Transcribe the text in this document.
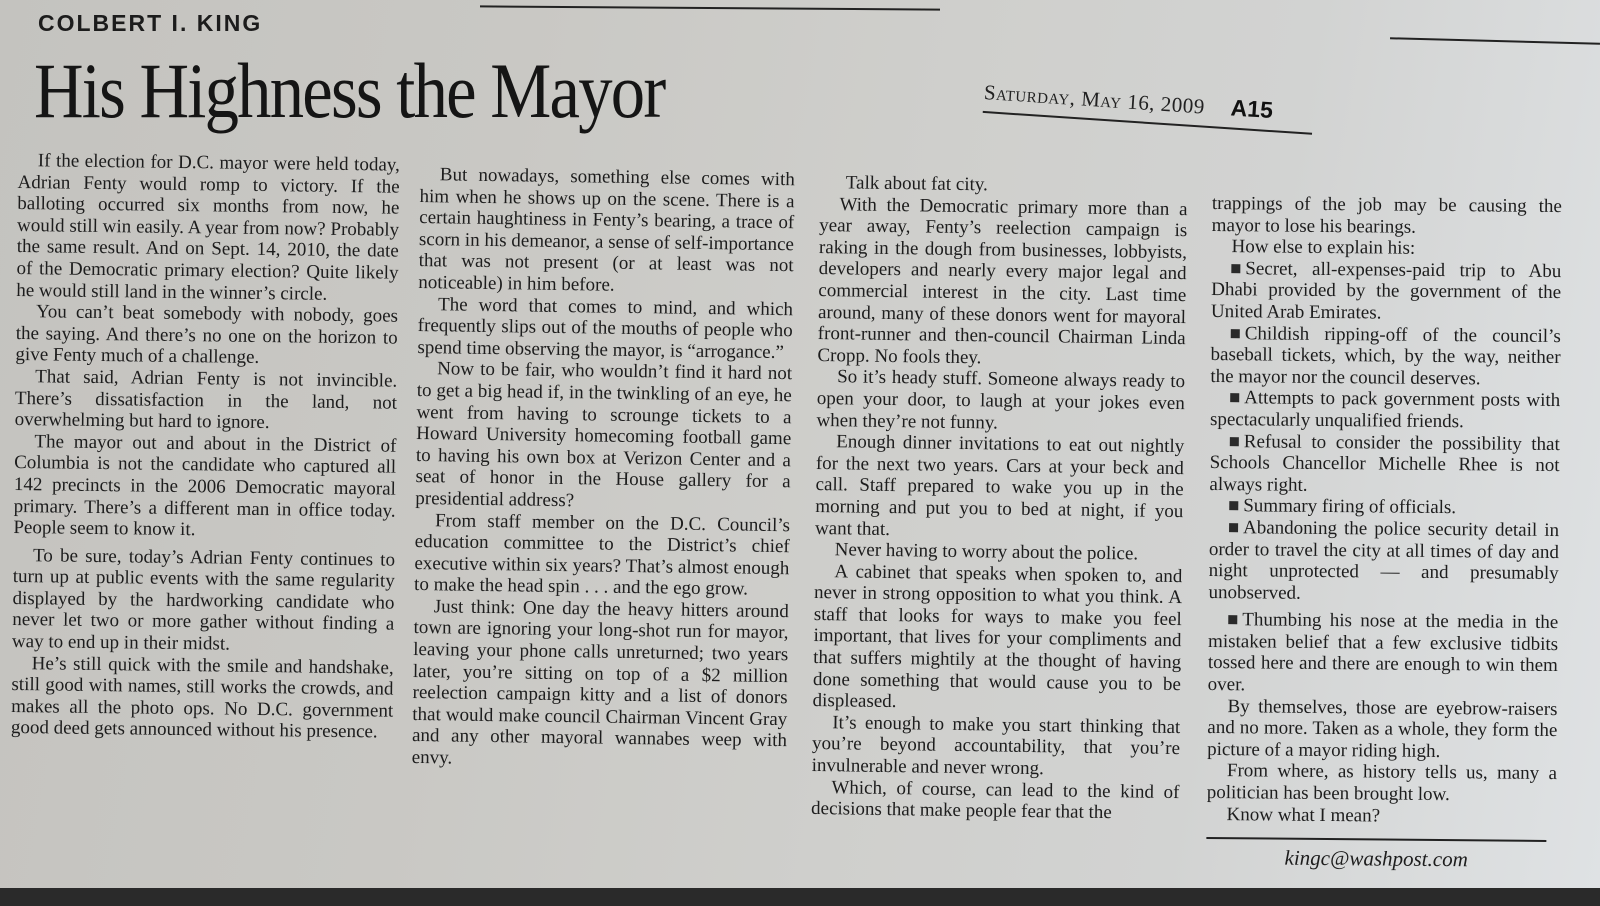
COLBERT I. KING
His Highness the Mayor	Saturday, May 16, 2009 A15

If the election for D.C. mayor were held today, Adrian Fenty would romp to victory. If the balloting occurred six months from now, he would still win easily. A year from now? Probably the same result. And on Sept. 14, 2010, the date of the Democratic primary election? Quite likely he would still land in the winner’s circle.

You can’t beat somebody with nobody, goes the saying. And there’s no one on the horizon to give Fenty much of a challenge.

That said, Adrian Fenty is not invincible. There’s dissatisfaction in the land, not overwhelming but hard to ignore.

The mayor out and about in the District of Columbia is not the candidate who captured all 142 precincts in the 2006 Democratic mayoral primary. There’s a different man in office today. People seem to know it.

To be sure, today’s Adrian Fenty continues to turn up at public events with the same regularity displayed by the hardworking candidate who never let two or more gather without finding a way to end up in their midst.

He’s still quick with the smile and handshake, still good with names, still works the crowds, and makes all the photo ops. No D.C. government good deed gets announced without his presence.

But nowadays, something else comes with him when he shows up on the scene. There is a certain haughtiness in Fenty’s bearing, a trace of scorn in his demeanor, a sense of self-importance that was not present (or at least was not noticeable) in him before.

The word that comes to mind, and which frequently slips out of the mouths of people who spend time observing the mayor, is “arrogance.”

Now to be fair, who wouldn’t find it hard not to get a big head if, in the twinkling of an eye, he went from having to scrounge tickets to a Howard University homecoming football game to having his own box at Verizon Center and a seat of honor in the House gallery for a presidential address?

From staff member on the D.C. Council’s education committee to the District’s chief executive within six years? That’s almost enough to make the head spin . . . and the ego grow.

Just think: One day the heavy hitters around town are ignoring your long-shot run for mayor, leaving your phone calls unreturned; two years later, you’re sitting on top of a $2 million reelection campaign kitty and a list of donors that would make council Chairman Vincent Gray and any other mayoral wannabes weep with envy.

Talk about fat city.

With the Democratic primary more than a year away, Fenty’s reelection campaign is raking in the dough from businesses, lobbyists, developers and nearly every major legal and commercial interest in the city. Last time around, many of these donors went for mayoral front-runner and then-council Chairman Linda Cropp. No fools they.

So it’s heady stuff. Someone always ready to open your door, to laugh at your jokes even when they’re not funny.

Enough dinner invitations to eat out nightly for the next two years. Cars at your beck and call. Staff prepared to wake you up in the morning and put you to bed at night, if you want that.

Never having to worry about the police.

A cabinet that speaks when spoken to, and never in strong opposition to what you think. A staff that looks for ways to make you feel important, that lives for your compliments and that suffers mightily at the thought of having done something that would cause you to be displeased.

It’s enough to make you start thinking that you’re beyond accountability, that you’re invulnerable and never wrong.

Which, of course, can lead to the kind of decisions that make people fear that the

trappings of the job may be causing the mayor to lose his bearings.

How else to explain his:

Secret, all-expenses-paid trip to Abu Dhabi provided by the government of the United Arab Emirates.

Childish ripping-off of the council’s baseball tickets, which, by the way, neither the mayor nor the council deserves.

Attempts to pack government posts with spectacularly unqualified friends.

Refusal to consider the possibility that Schools Chancellor Michelle Rhee is not always right.

Summary firing of officials.

Abandoning the police security detail in order to travel the city at all times of day and night unprotected — and presumably unobserved.

Thumbing his nose at the media in the mistaken belief that a few exclusive tidbits tossed here and there are enough to win them over.

By themselves, those are eyebrow-raisers and no more. Taken as a whole, they form the picture of a mayor riding high.

From where, as history tells us, many a politician has been brought low.

Know what I mean?

kingc@washpost.com
